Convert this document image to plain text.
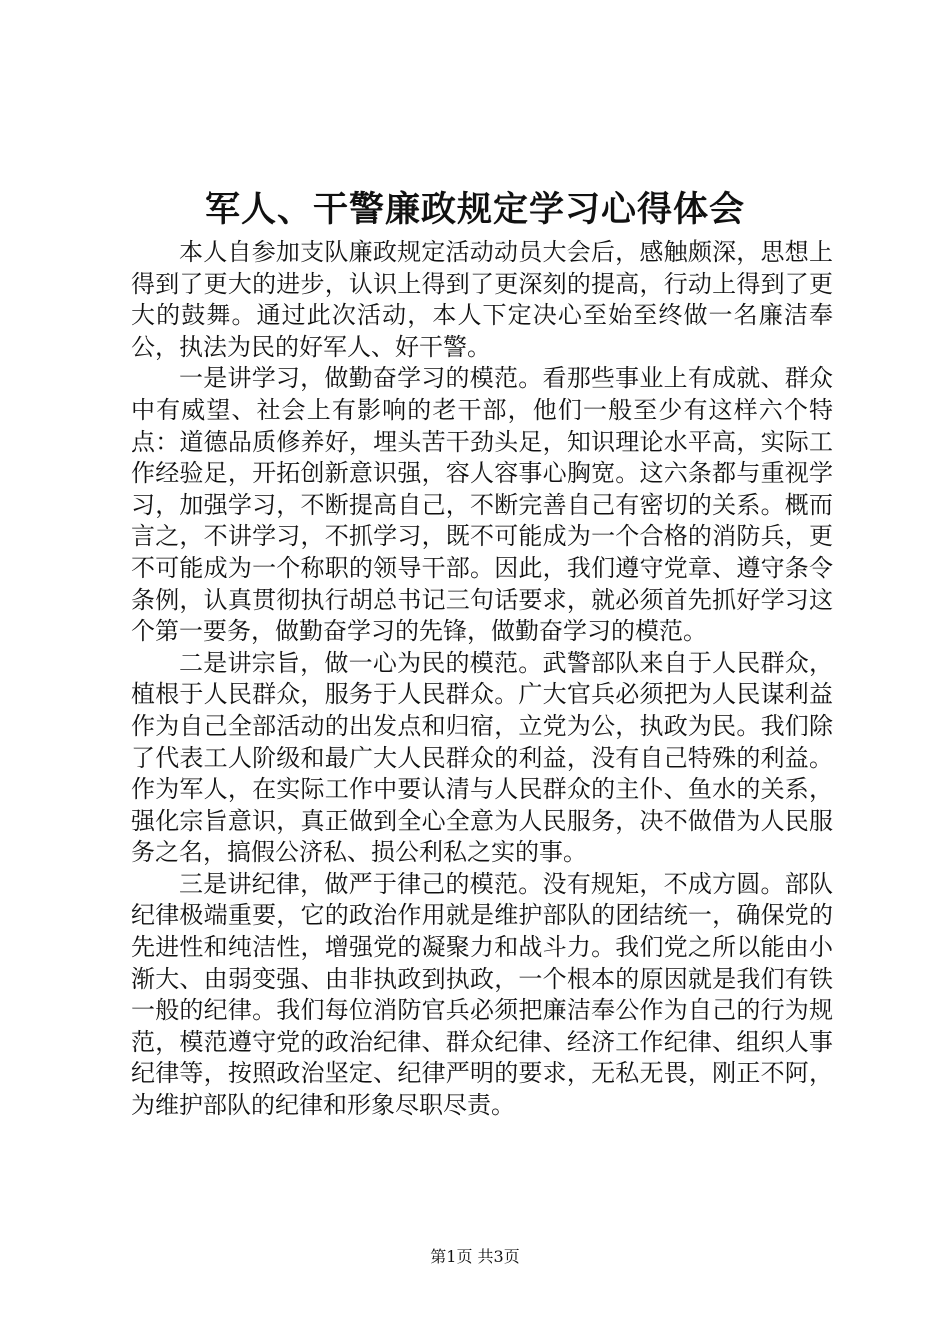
军人、干警廉政规定学习心得体会

本人自参加支队廉政规定活动动员大会后，感触颇深，思想上得到了更大的进步，认识上得到了更深刻的提高，行动上得到了更大的鼓舞。通过此次活动，本人下定决心至始至终做一名廉洁奉公，执法为民的好军人、好干警。

一是讲学习，做勤奋学习的模范。看那些事业上有成就、群众中有威望、社会上有影响的老干部，他们一般至少有这样六个特点：道德品质修养好，埋头苦干劲头足，知识理论水平高，实际工作经验足，开拓创新意识强，容人容事心胸宽。这六条都与重视学习，加强学习，不断提高自己，不断完善自己有密切的关系。概而言之，不讲学习，不抓学习，既不可能成为一个合格的消防兵，更不可能成为一个称职的领导干部。因此，我们遵守党章、遵守条令条例，认真贯彻执行胡总书记三句话要求，就必须首先抓好学习这个第一要务，做勤奋学习的先锋，做勤奋学习的模范。

二是讲宗旨，做一心为民的模范。武警部队来自于人民群众，植根于人民群众，服务于人民群众。广大官兵必须把为人民谋利益作为自己全部活动的出发点和归宿，立党为公，执政为民。我们除了代表工人阶级和最广大人民群众的利益，没有自己特殊的利益。作为军人，在实际工作中要认清与人民群众的主仆、鱼水的关系，强化宗旨意识，真正做到全心全意为人民服务，决不做借为人民服务之名，搞假公济私、损公利私之实的事。

三是讲纪律，做严于律己的模范。没有规矩，不成方圆。部队纪律极端重要，它的政治作用就是维护部队的团结统一，确保党的先进性和纯洁性，增强党的凝聚力和战斗力。我们党之所以能由小渐大、由弱变强、由非执政到执政，一个根本的原因就是我们有铁一般的纪律。我们每位消防官兵必须把廉洁奉公作为自己的行为规范，模范遵守党的政治纪律、群众纪律、经济工作纪律、组织人事纪律等，按照政治坚定、纪律严明的要求，无私无畏，刚正不阿，为维护部队的纪律和形象尽职尽责。

第1页 共3页
